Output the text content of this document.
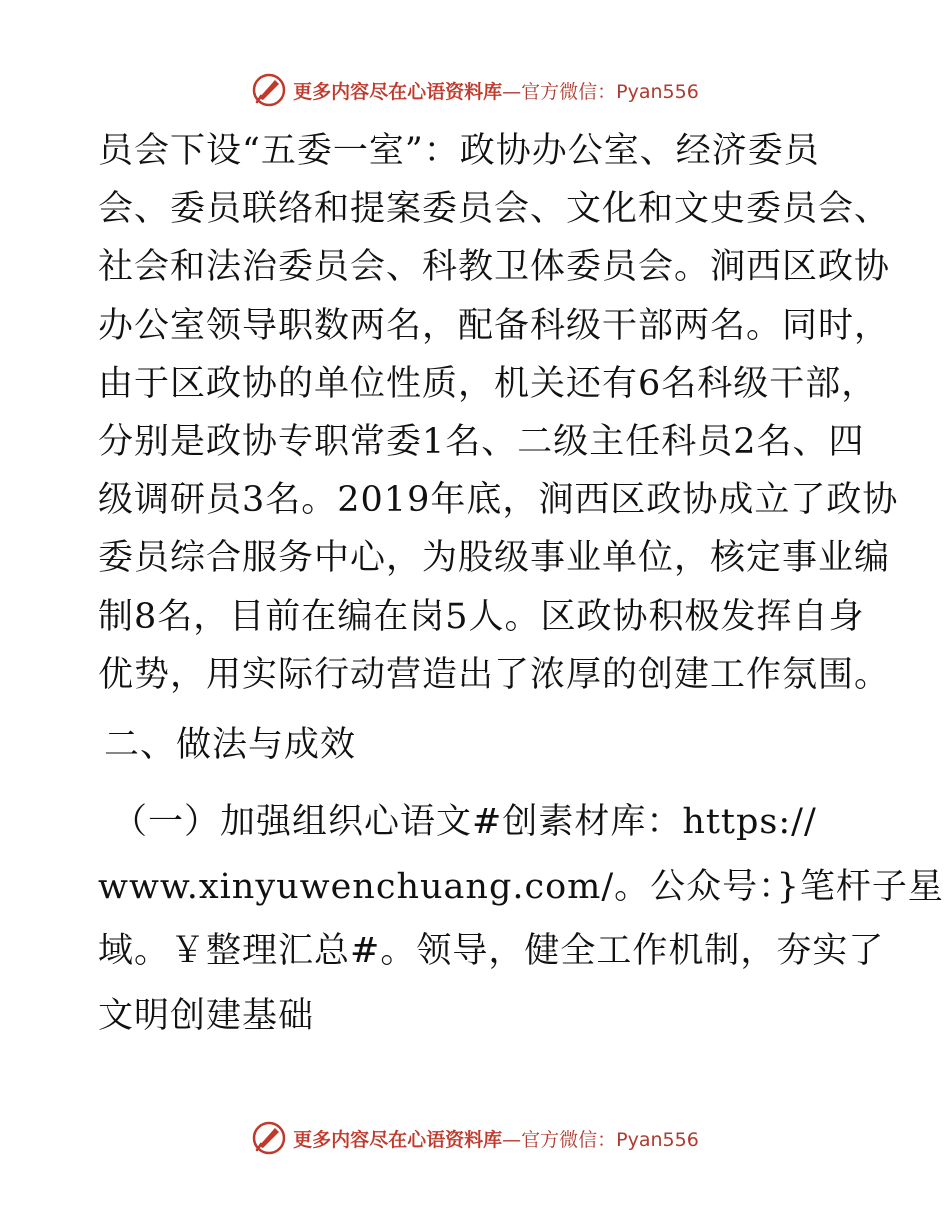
更多内容尽在心语资料库 —官方微信：Pyan556
员会下设“五委一室”：政协办公室、经济委员
会、委员联络和提案委员会、文化和文史委员会、
社会和法治委员会、科教卫体委员会。涧西区政协
办公室领导职数两名，配备科级干部两名。同时，
由于区政协的单位性质，机关还有6名科级干部，
分别是政协专职常委1名、二级主任科员2名、四
级调研员3名。2019年底，涧西区政协成立了政协
委员综合服务中心，为股级事业单位，核定事业编
制8名，目前在编在岗5人。区政协积极发挥自身
优势，用实际行动营造出了浓厚的创建工作氛围。
二、做法与成效
（一）加强组织心语文#创素材库：https://
www.xinyuwenchuang.com/。公众号：}笔杆子星
域。￥整理汇总#。领导，健全工作机制，夯实了
文明创建基础
更多内容尽在心语资料库 —官方微信：Pyan556
